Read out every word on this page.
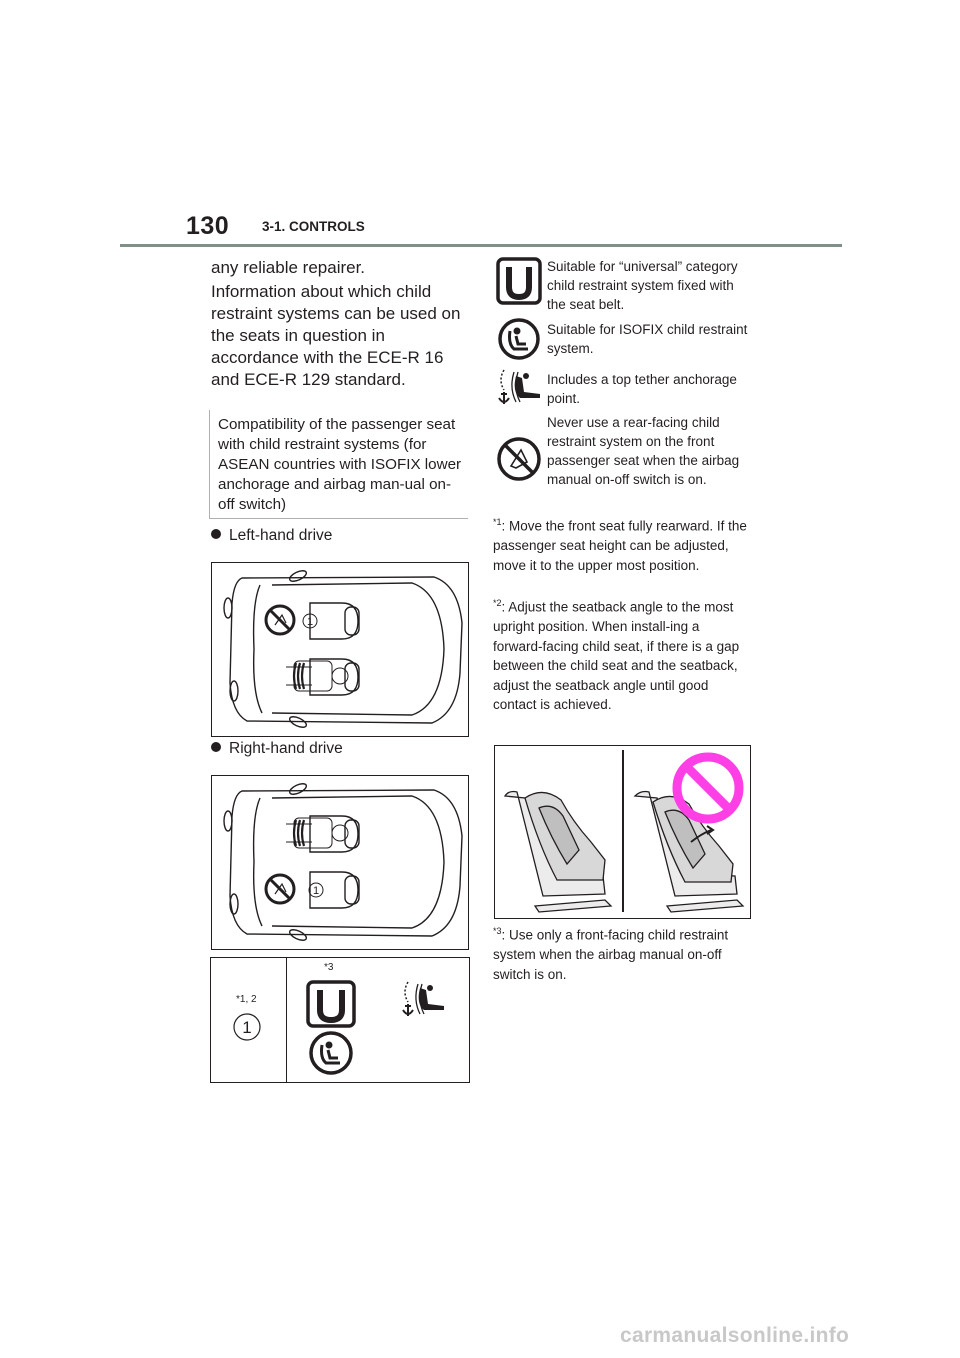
130 3-1. CONTROLS
any reliable repairer.
Information about which child restraint systems can be used on the seats in question in accordance with the ECE-R 16 and ECE-R 129 standard.
Compatibility of the passenger seat with child restraint systems (for ASEAN countries with ISOFIX lower anchorage and airbag man-ual on-off switch)
Left-hand drive
1
Right-hand drive
1
*1, 2
*3
1
Suitable for “universal” category child restraint system fixed with the seat belt.
Suitable for ISOFIX child restraint system.
Includes a top tether anchorage point.
Never use a rear-facing child restraint system on the front passenger seat when the airbag manual on-off switch is on.
$^{*1}$: Move the front seat fully rearward. If the passenger seat height can be adjusted, move it to the upper most position.
$^{*2}$: Adjust the seatback angle to the most upright position. When install-ing a forward-facing child seat, if there is a gap between the child seat and the seatback, adjust the seatback angle until good contact is achieved.
$^{*3}$: Use only a front-facing child restraint system when the airbag manual on-off switch is on.
carmanualsonline.info
